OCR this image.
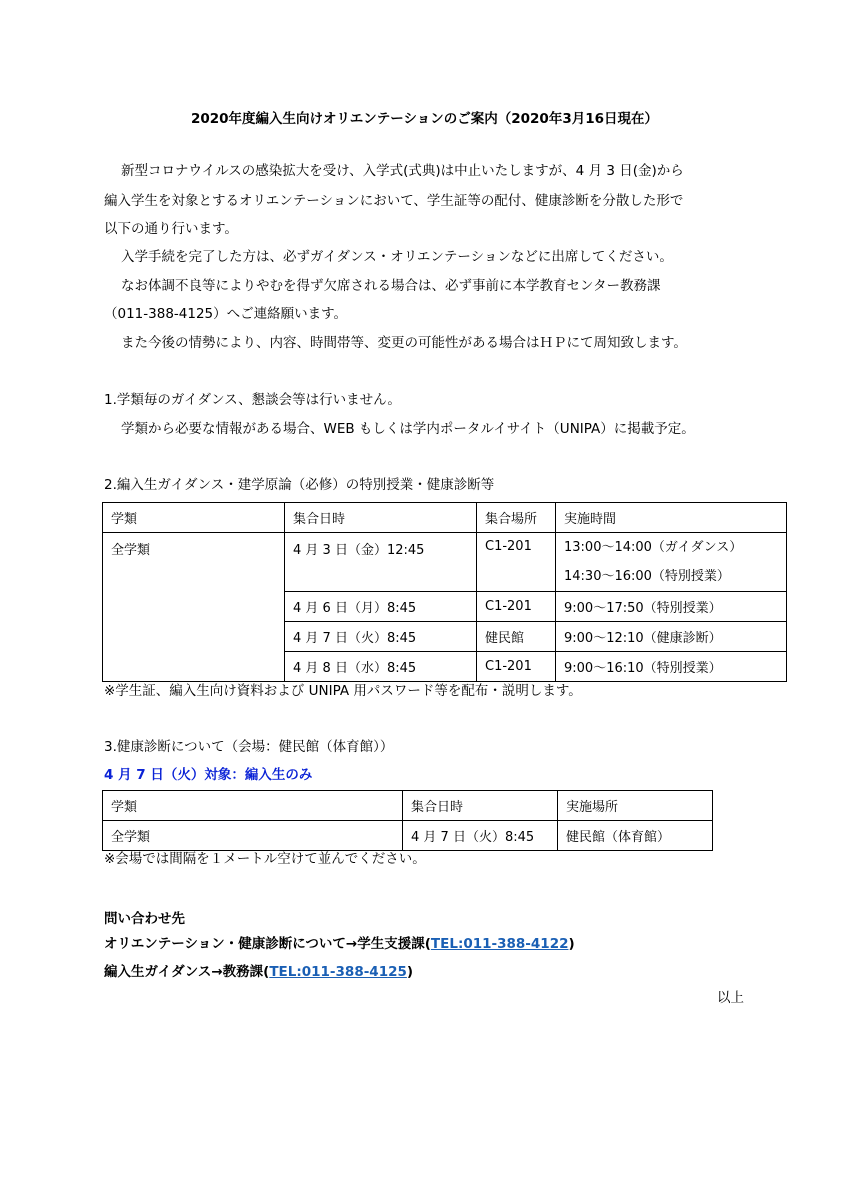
2020年度編入生向けオリエンテーションのご案内（2020年3月16日現在）
新型コロナウイルスの感染拡大を受け、入学式(式典)は中止いたしますが、4 月 3 日(金)から
編入学生を対象とするオリエンテーションにおいて、学生証等の配付、健康診断を分散した形で
以下の通り行います。
入学手続を完了した方は、必ずガイダンス・オリエンテーションなどに出席してください。
なお体調不良等によりやむを得ず欠席される場合は、必ず事前に本学教育センター教務課
（011-388-4125）へご連絡願います。
また今後の情勢により、内容、時間帯等、変更の可能性がある場合はＨＰにて周知致します。
1.学類毎のガイダンス、懇談会等は行いません。
学類から必要な情報がある場合、WEB もしくは学内ポータルイサイト（UNIPA）に掲載予定。
2.編入生ガイダンス・建学原論（必修）の特別授業・健康診断等
学類	集合日時	集合場所	実施時間
全学類	4 月 3 日（金）12:45	C1-201	13:00～14:00（ガイダンス）
14:30～16:00（特別授業）

	4 月 6 日（月）8:45	C1-201	9:00～17:50（特別授業）
	4 月 7 日（火）8:45	健民館	9:00～12:10（健康診断）
	4 月 8 日（水）8:45	C1-201	9:00～16:10（特別授業）
※学生証、編入生向け資料および UNIPA 用パスワード等を配布・説明します。
3.健康診断について（会場：健民館（体育館））
4 月 7 日（火）対象：編入生のみ
学類	集合日時	実施場所
全学類	4 月 7 日（火）8:45	健民館（体育館）
※会場では間隔を１メートル空けて並んでください。
問い合わせ先
オリエンテーション・健康診断について→学生支援課(TEL:011-388-4122)
編入生ガイダンス→教務課(TEL:011-388-4125)
以上
